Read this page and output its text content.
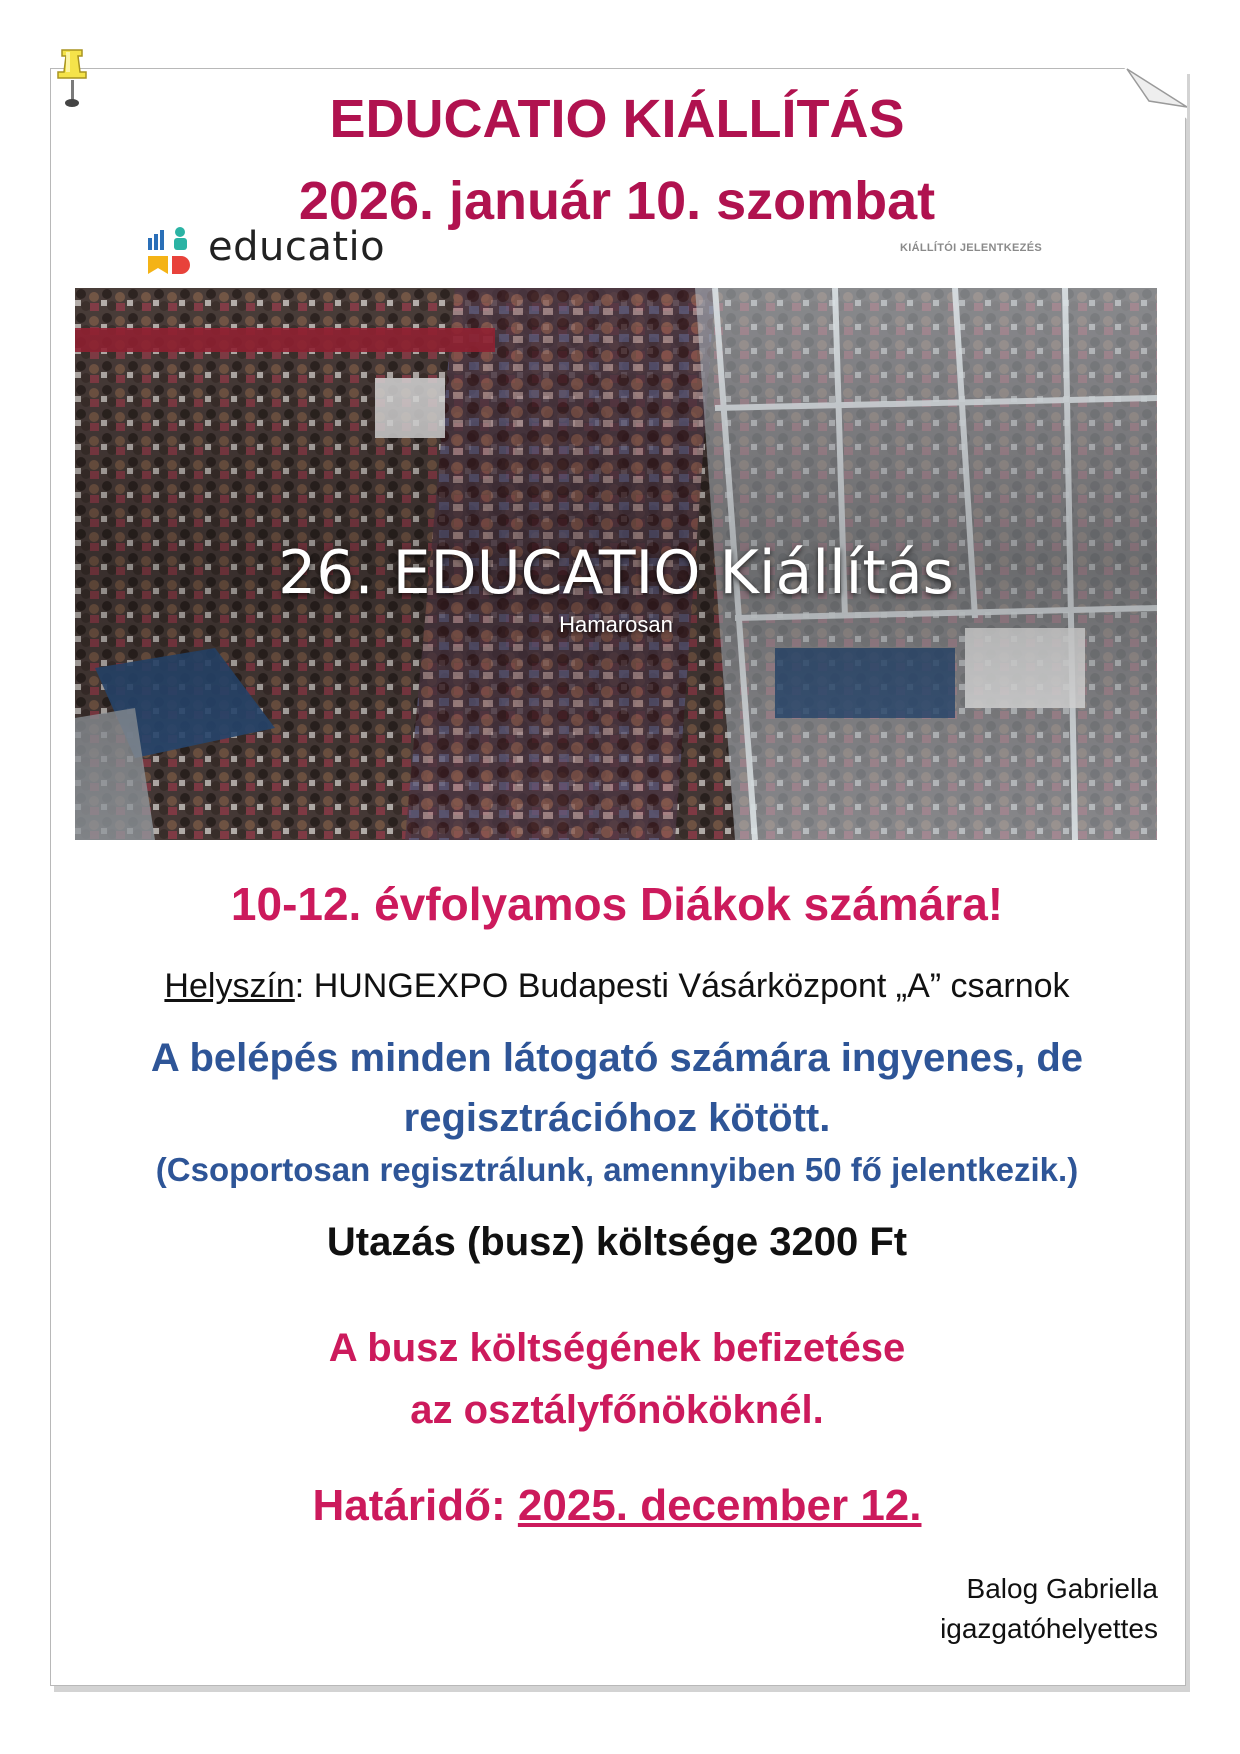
EDUCATIO KIÁLLÍTÁS
2026. január 10. szombat
educatio	KIÁLLÍTÓI JELENTKEZÉS
26. EDUCATIO Kiállítás
Hamarosan
10-12. évfolyamos Diákok számára!
Helyszín: HUNGEXPO Budapesti Vásárközpont „A” csarnok
A belépés minden látogató számára ingyenes, de
regisztrációhoz kötött.
(Csoportosan regisztrálunk, amennyiben 50 fő jelentkezik.)
Utazás (busz) költsége 3200 Ft
A busz költségének befizetése
az osztályfőnököknél.
Határidő: 2025. december 12.
Balog Gabriella
igazgatóhelyettes
